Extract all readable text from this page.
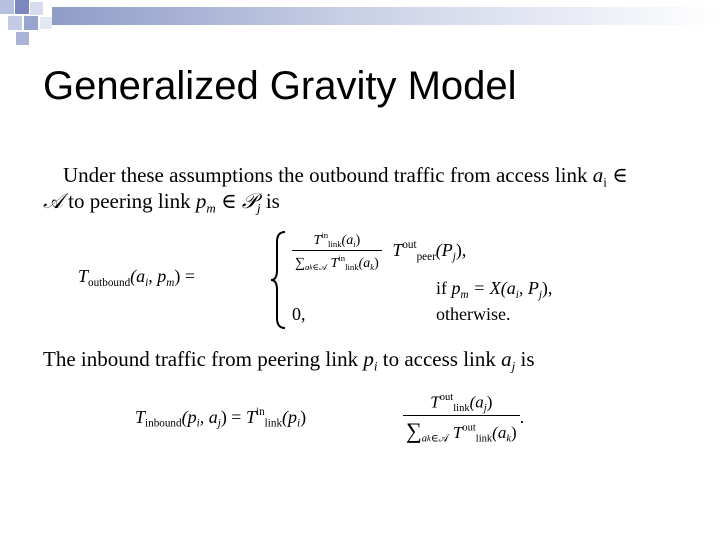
Generalized Gravity Model
Under these assumptions the outbound traffic from access link $a_i$ ∈
𝒜 to peering link $p_m$ ∈ 𝒫$_j$ is
$T_{outbound}(a_i$, $p_m$) =
$\frac{T^{in}_{link}(a_i)}{\sum_ak_{\in 𝒜} T^{in}_{link}(a_k)} T^{out}_{peer}(P_j)$,
if $p_m = X(a_i$, $P_j$),
0,	otherwise.
The inbound traffic from peering link $p_i$ to access link $a_j$ is
$T_{inbound}(p_i$, $a_j) = T^{in}_{link}(p_i)$	$\frac{T^{out}_{link}(a_j)}{\sum_ak_{\in 𝒜} T^{out}_{link}(a_k)}$ .
